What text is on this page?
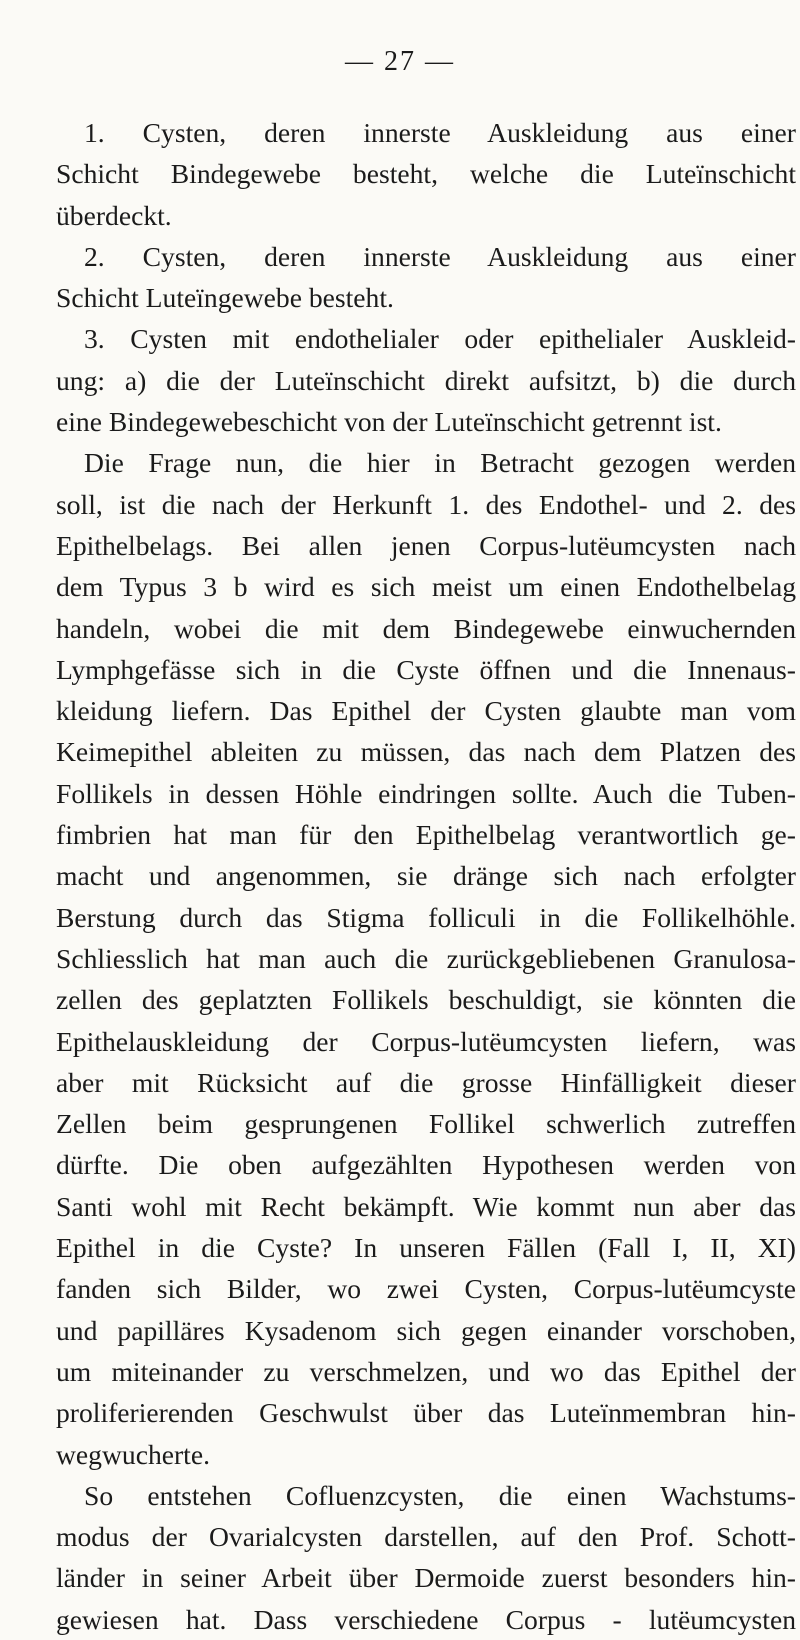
— 27 —
1. Cysten, deren innerste Auskleidung aus einer
Schicht Bindegewebe besteht, welche die Luteïnschicht
überdeckt.
2. Cysten, deren innerste Auskleidung aus einer
Schicht Luteïngewebe besteht.
3. Cysten mit endothelialer oder epithelialer Auskleid-
ung: a) die der Luteïnschicht direkt aufsitzt, b) die durch
eine Bindegewebeschicht von der Luteïnschicht getrennt ist.
Die Frage nun, die hier in Betracht gezogen werden
soll, ist die nach der Herkunft 1. des Endothel- und 2. des
Epithelbelags. Bei allen jenen Corpus-lutëumcysten nach
dem Typus 3 b wird es sich meist um einen Endothelbelag
handeln, wobei die mit dem Bindegewebe einwuchernden
Lymphgefässe sich in die Cyste öffnen und die Innenaus-
kleidung liefern. Das Epithel der Cysten glaubte man vom
Keimepithel ableiten zu müssen, das nach dem Platzen des
Follikels in dessen Höhle eindringen sollte. Auch die Tuben-
fimbrien hat man für den Epithelbelag verantwortlich ge-
macht und angenommen, sie dränge sich nach erfolgter
Berstung durch das Stigma folliculi in die Follikelhöhle.
Schliesslich hat man auch die zurückgebliebenen Granulosa-
zellen des geplatzten Follikels beschuldigt, sie könnten die
Epithelauskleidung der Corpus-lutëumcysten liefern, was
aber mit Rücksicht auf die grosse Hinfälligkeit dieser
Zellen beim gesprungenen Follikel schwerlich zutreffen
dürfte. Die oben aufgezählten Hypothesen werden von
Santi wohl mit Recht bekämpft. Wie kommt nun aber das
Epithel in die Cyste? In unseren Fällen (Fall I, II, XI)
fanden sich Bilder, wo zwei Cysten, Corpus-lutëumcyste
und papilläres Kysadenom sich gegen einander vorschoben,
um miteinander zu verschmelzen, und wo das Epithel der
proliferierenden Geschwulst über das Luteïnmembran hin-
wegwucherte.
So entstehen Cofluenzcysten, die einen Wachstums-
modus der Ovarialcysten darstellen, auf den Prof. Schott-
länder in seiner Arbeit über Dermoide zuerst besonders hin-
gewiesen hat. Dass verschiedene Corpus - lutëumcysten
